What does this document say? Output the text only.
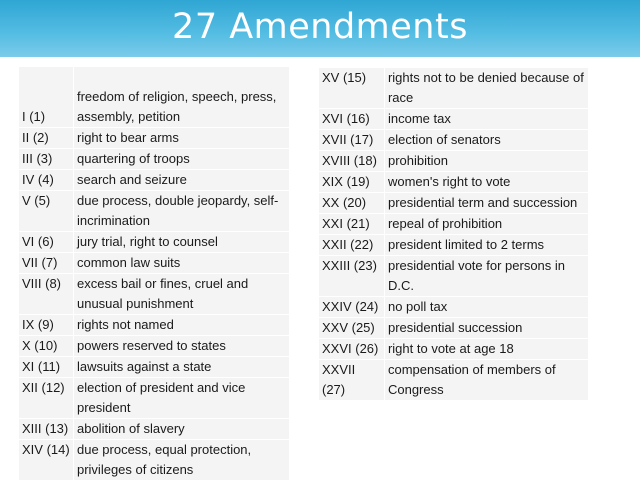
27 Amendments
I (1)	freedom of religion, speech, press, assembly, petition
II (2)	right to bear arms
III (3)	quartering of troops
IV (4)	search and seizure
V (5)	due process, double jeopardy, self-incrimination
VI (6)	jury trial, right to counsel
VII (7)	common law suits
VIII (8)	excess bail or fines, cruel and unusual punishment
IX (9)	rights not named
X (10)	powers reserved to states
XI (11)	lawsuits against a state
XII (12)	election of president and vice president
XIII (13)	abolition of slavery
XIV (14)	due process, equal protection, privileges of citizens
XV (15)	rights not to be denied because of race
XVI (16)	income tax
XVII (17)	election of senators
XVIII (18)	prohibition
XIX (19)	women's right to vote
XX (20)	presidential term and succession
XXI (21)	repeal of prohibition
XXII (22)	president limited to 2 terms
XXIII (23)	presidential vote for persons in D.C.
XXIV (24)	no poll tax
XXV (25)	presidential succession
XXVI (26)	right to vote at age 18
XXVII (27)	compensation of members of Congress
